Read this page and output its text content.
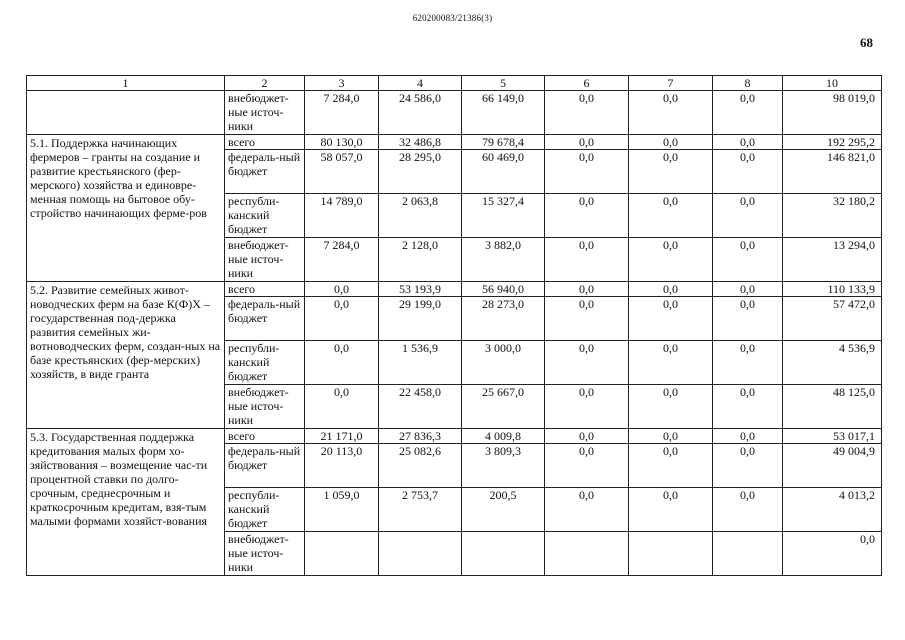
620200083/21386(3)
68
1	2	3	4	5	6	7	8	10
	внебюджет-ные источ-ники	7 284,0	24 586,0	66 149,0	0,0	0,0	0,0	98 019,0
5.1. Поддержка начинающих фермеров – гранты на создание и развитие крестьянского (фер-мерского) хозяйства и единовре-менная помощь на бытовое обу-стройство начинающих ферме-ров	всего	80 130,0	32 486,8	79 678,4	0,0	0,0	0,0	192 295,2
	федераль-ный бюджет	58 057,0	28 295,0	60 469,0	0,0	0,0	0,0	146 821,0
	республи-канский бюджет	14 789,0	2 063,8	15 327,4	0,0	0,0	0,0	32 180,2
	внебюджет-ные источ-ники	7 284,0	2 128,0	3 882,0	0,0	0,0	0,0	13 294,0
5.2. Развитие семейных живот-новодческих ферм на базе К(Ф)Х – государственная под-держка развития семейных жи-вотноводческих ферм, создан-ных на базе крестьянских (фер-мерских) хозяйств, в виде гранта	всего	0,0	53 193,9	56 940,0	0,0	0,0	0,0	110 133,9
	федераль-ный бюджет	0,0	29 199,0	28 273,0	0,0	0,0	0,0	57 472,0
	республи-канский бюджет	0,0	1 536,9	3 000,0	0,0	0,0	0,0	4 536,9
	внебюджет-ные источ-ники	0,0	22 458,0	25 667,0	0,0	0,0	0,0	48 125,0
5.3. Государственная поддержка кредитования малых форм хо-зяйствования – возмещение час-ти процентной ставки по долго-срочным, среднесрочным и краткосрочным кредитам, взя-тым малыми формами хозяйст-вования	всего	21 171,0	27 836,3	4 009,8	0,0	0,0	0,0	53 017,1
	федераль-ный бюджет	20 113,0	25 082,6	3 809,3	0,0	0,0	0,0	49 004,9
	республи-канский бюджет	1 059,0	2 753,7	200,5	0,0	0,0	0,0	4 013,2
	внебюджет-ные источ-ники							0,0
